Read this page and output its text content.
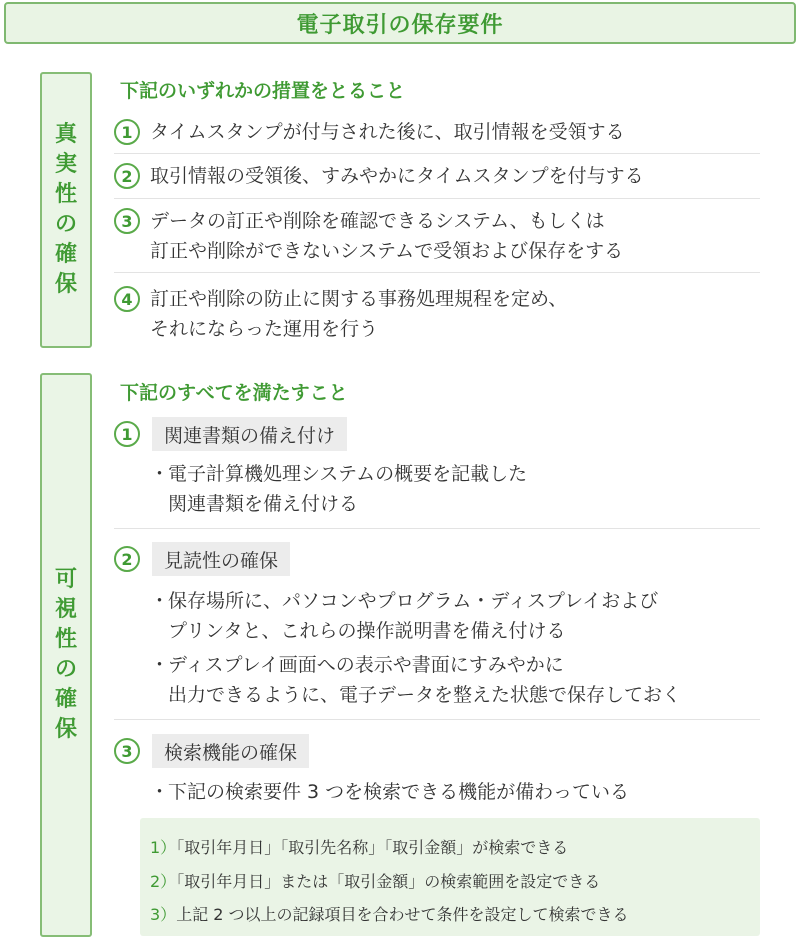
電子取引の保存要件
真
実
性
の
確
保
下記のいずれかの措置をとること
1 タイムスタンプが付与された後に、取引情報を受領する
2 取引情報の受領後、すみやかにタイムスタンプを付与する
3 データの訂正や削除を確認できるシステム、もしくは
訂正や削除ができないシステムで受領および保存をする
4 訂正や削除の防止に関する事務処理規程を定め、
それにならった運用を行う
可
視
性
の
確
保
下記のすべてを満たすこと
1	関連書類の備え付け
・電子計算機処理システムの概要を記載した
関連書類を備え付ける
2	見読性の確保
・保存場所に、パソコンやプログラム・ディスプレイおよび
プリンタと、これらの操作説明書を備え付ける
・ディスプレイ画面への表示や書面にすみやかに
出力できるように、電子データを整えた状態で保存しておく
3	検索機能の確保
・下記の検索要件 3 つを検索できる機能が備わっている
1）「取引年月日」「取引先名称」「取引金額」が検索できる
2）「取引年月日」または「取引金額」の検索範囲を設定できる
3）上記 2 つ以上の記録項目を合わせて条件を設定して検索できる
